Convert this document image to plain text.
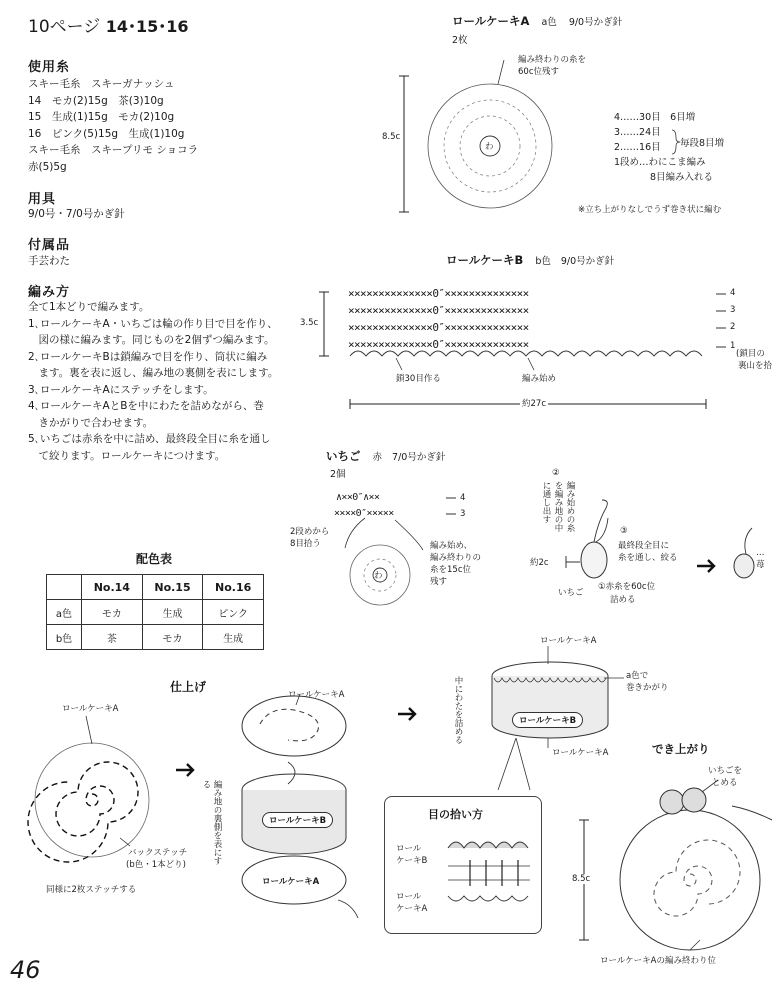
10ページ 14･15･16
使用糸
スキー毛糸　スキーガナッシュ
14　モカ(2)15g　茶(3)10g
15　生成(1)15g　モカ(2)10g
16　ピンク(5)15g　生成(1)10g
スキー毛糸　スキープリモ ショコラ
赤(5)5g
用具
9/0号・7/0号かぎ針
付属品
手芸わた
編み方
全て1本どりで編みます。
1､ロールケーキA・いちごは輪の作り目で目を作り、
　図の様に編みます。同じものを2個ずつ編みます。
2､ロールケーキBは鎖編みで目を作り、筒状に編み
　ます。裏を表に返し、編み地の裏側を表にします。
3､ロールケーキAにステッチをします。
4､ロールケーキAとBを中にわたを詰めながら、巻
　きかがりで合わせます。
5､いちごは赤糸を中に詰め、最終段全目に糸を通し
　て絞ります。ロールケーキにつけます。
配色表
	No.14	No.15	No.16
a色	モカ	生成	ピンク
b色	茶	モカ	生成
ロールケーキA a色 9/0号かぎ針
2枚
編み終わりの糸を
60c位残す
8.5c
わ
4……30目　6目増
3……24目
2……16目
1段め…わにこま編み
8目編み入れる
毎段8目増
※立ち上がりなしでうず巻き状に編む
ロールケーキB b色 9/0号かぎ針
××××××××××××××0″××××××××××××××
××××××××××××××0″××××××××××××××
××××××××××××××0″××××××××××××××
××××××××××××××0″××××××××××××××
4
3
2
1
(鎖目の
裏山を拾
3.5c
鎖30目作る	編み始め
約27c
いちご 赤 7/0号かぎ針
2個
∧××0″∧××
××××0″×××××
4
3
2段めから
8目拾う
わ
編み始め、
編み終わりの
糸を15c位
残す
②
編み始めの糸
を編み地の中
に通し出す
③
最終段全目に
糸を通し、絞る
約2c
①赤糸を60c位
詰める
いちご
…苺
仕上げ
ロールケーキA
バックステッチ
(b色・1本どり)
同様に2枚ステッチする
ロールケーキA
ロールケーキB
ロールケーキA
編み地の裏側を表にする
ロールケーキA
a色で
巻きかがり
中にわたを詰める	ロールケーキB
ロールケーキA
目の拾い方
ロール
ケーキB
ロール
ケーキA
でき上がり
いちごを
とめる
8.5c
ロールケーキAの編み終わり位
46
